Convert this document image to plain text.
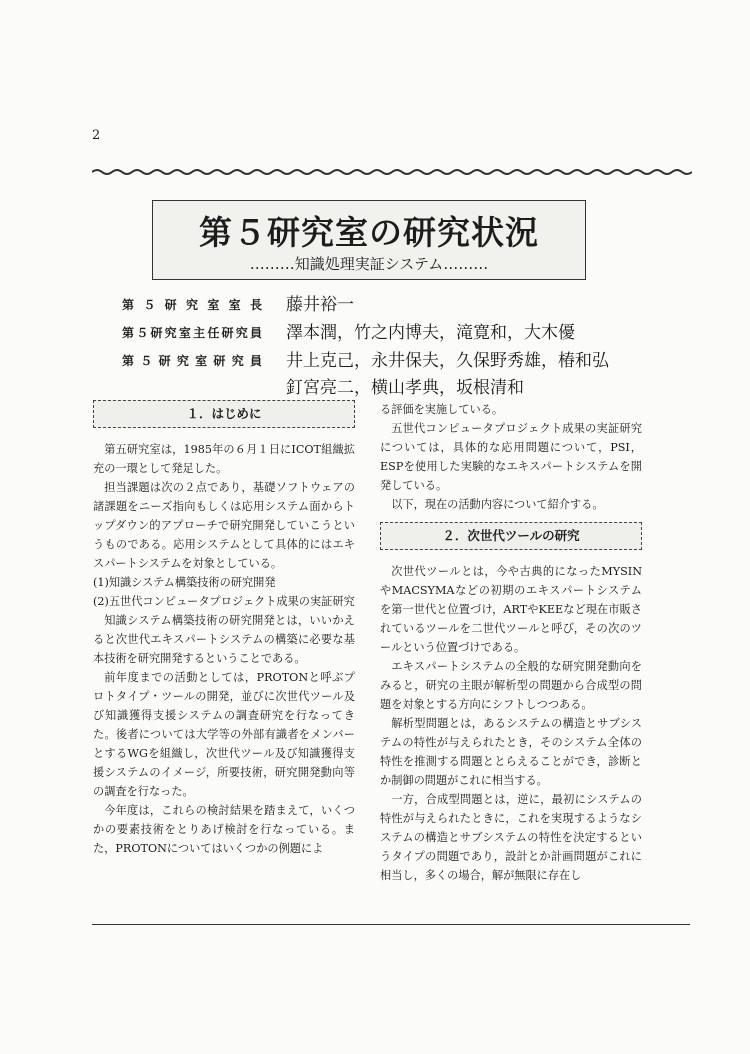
2
第５研究室の研究状況
………知識処理実証システム………
第５研究室室長 藤井裕一
第５研究室主任研究員 澤本潤，竹之内博夫，滝寛和，大木優
第５研究室研究員 井上克己，永井保夫，久保野秀雄，椿和弘
釘宮亮二，横山孝典，坂根清和
１．はじめに

第五研究室は，1985年の６月１日にICOT組織拡充の一環として発足した。

担当課題は次の２点であり，基礎ソフトウェアの諸課題をニーズ指向もしくは応用システム面からトップダウン的アプローチで研究開発していこうというものである。応用システムとして具体的にはエキスパートシステムを対象としている。

(1)知識システム構築技術の研究開発

(2)五世代コンピュータプロジェクト成果の実証研究

知識システム構築技術の研究開発とは，いいかえると次世代エキスパートシステムの構築に必要な基本技術を研究開発するということである。

前年度までの活動としては，PROTONと呼ぶプロトタイプ・ツールの開発，並びに次世代ツール及び知識獲得支援システムの調査研究を行なってきた。後者については大学等の外部有識者をメンバーとするWGを組織し，次世代ツール及び知識獲得支援システムのイメージ，所要技術，研究開発動向等の調査を行なった。

今年度は，これらの検討結果を踏まえて，いくつかの要素技術をとりあげ検討を行なっている。また，PROTONについてはいくつかの例題によ

る評価を実施している。

五世代コンピュータプロジェクト成果の実証研究については，具体的な応用問題について，PSI，ESPを使用した実験的なエキスパートシステムを開発している。

以下，現在の活動内容について紹介する。

２．次世代ツールの研究

次世代ツールとは，今や古典的になったMYSINやMACSYMAなどの初期のエキスパートシステムを第一世代と位置づけ，ARTやKEEなど現在市販されているツールを二世代ツールと呼び，その次のツールという位置づけである。

エキスパートシステムの全般的な研究開発動向をみると，研究の主眼が解析型の問題から合成型の問題を対象とする方向にシフトしつつある。

解析型問題とは，あるシステムの構造とサブシステムの特性が与えられたとき，そのシステム全体の特性を推測する問題ととらえることができ，診断とか制御の問題がこれに相当する。

一方，合成型問題とは，逆に，最初にシステムの特性が与えられたときに，これを実現するようなシステムの構造とサブシステムの特性を決定するというタイプの問題であり，設計とか計画問題がこれに相当し，多くの場合，解が無限に存在し
